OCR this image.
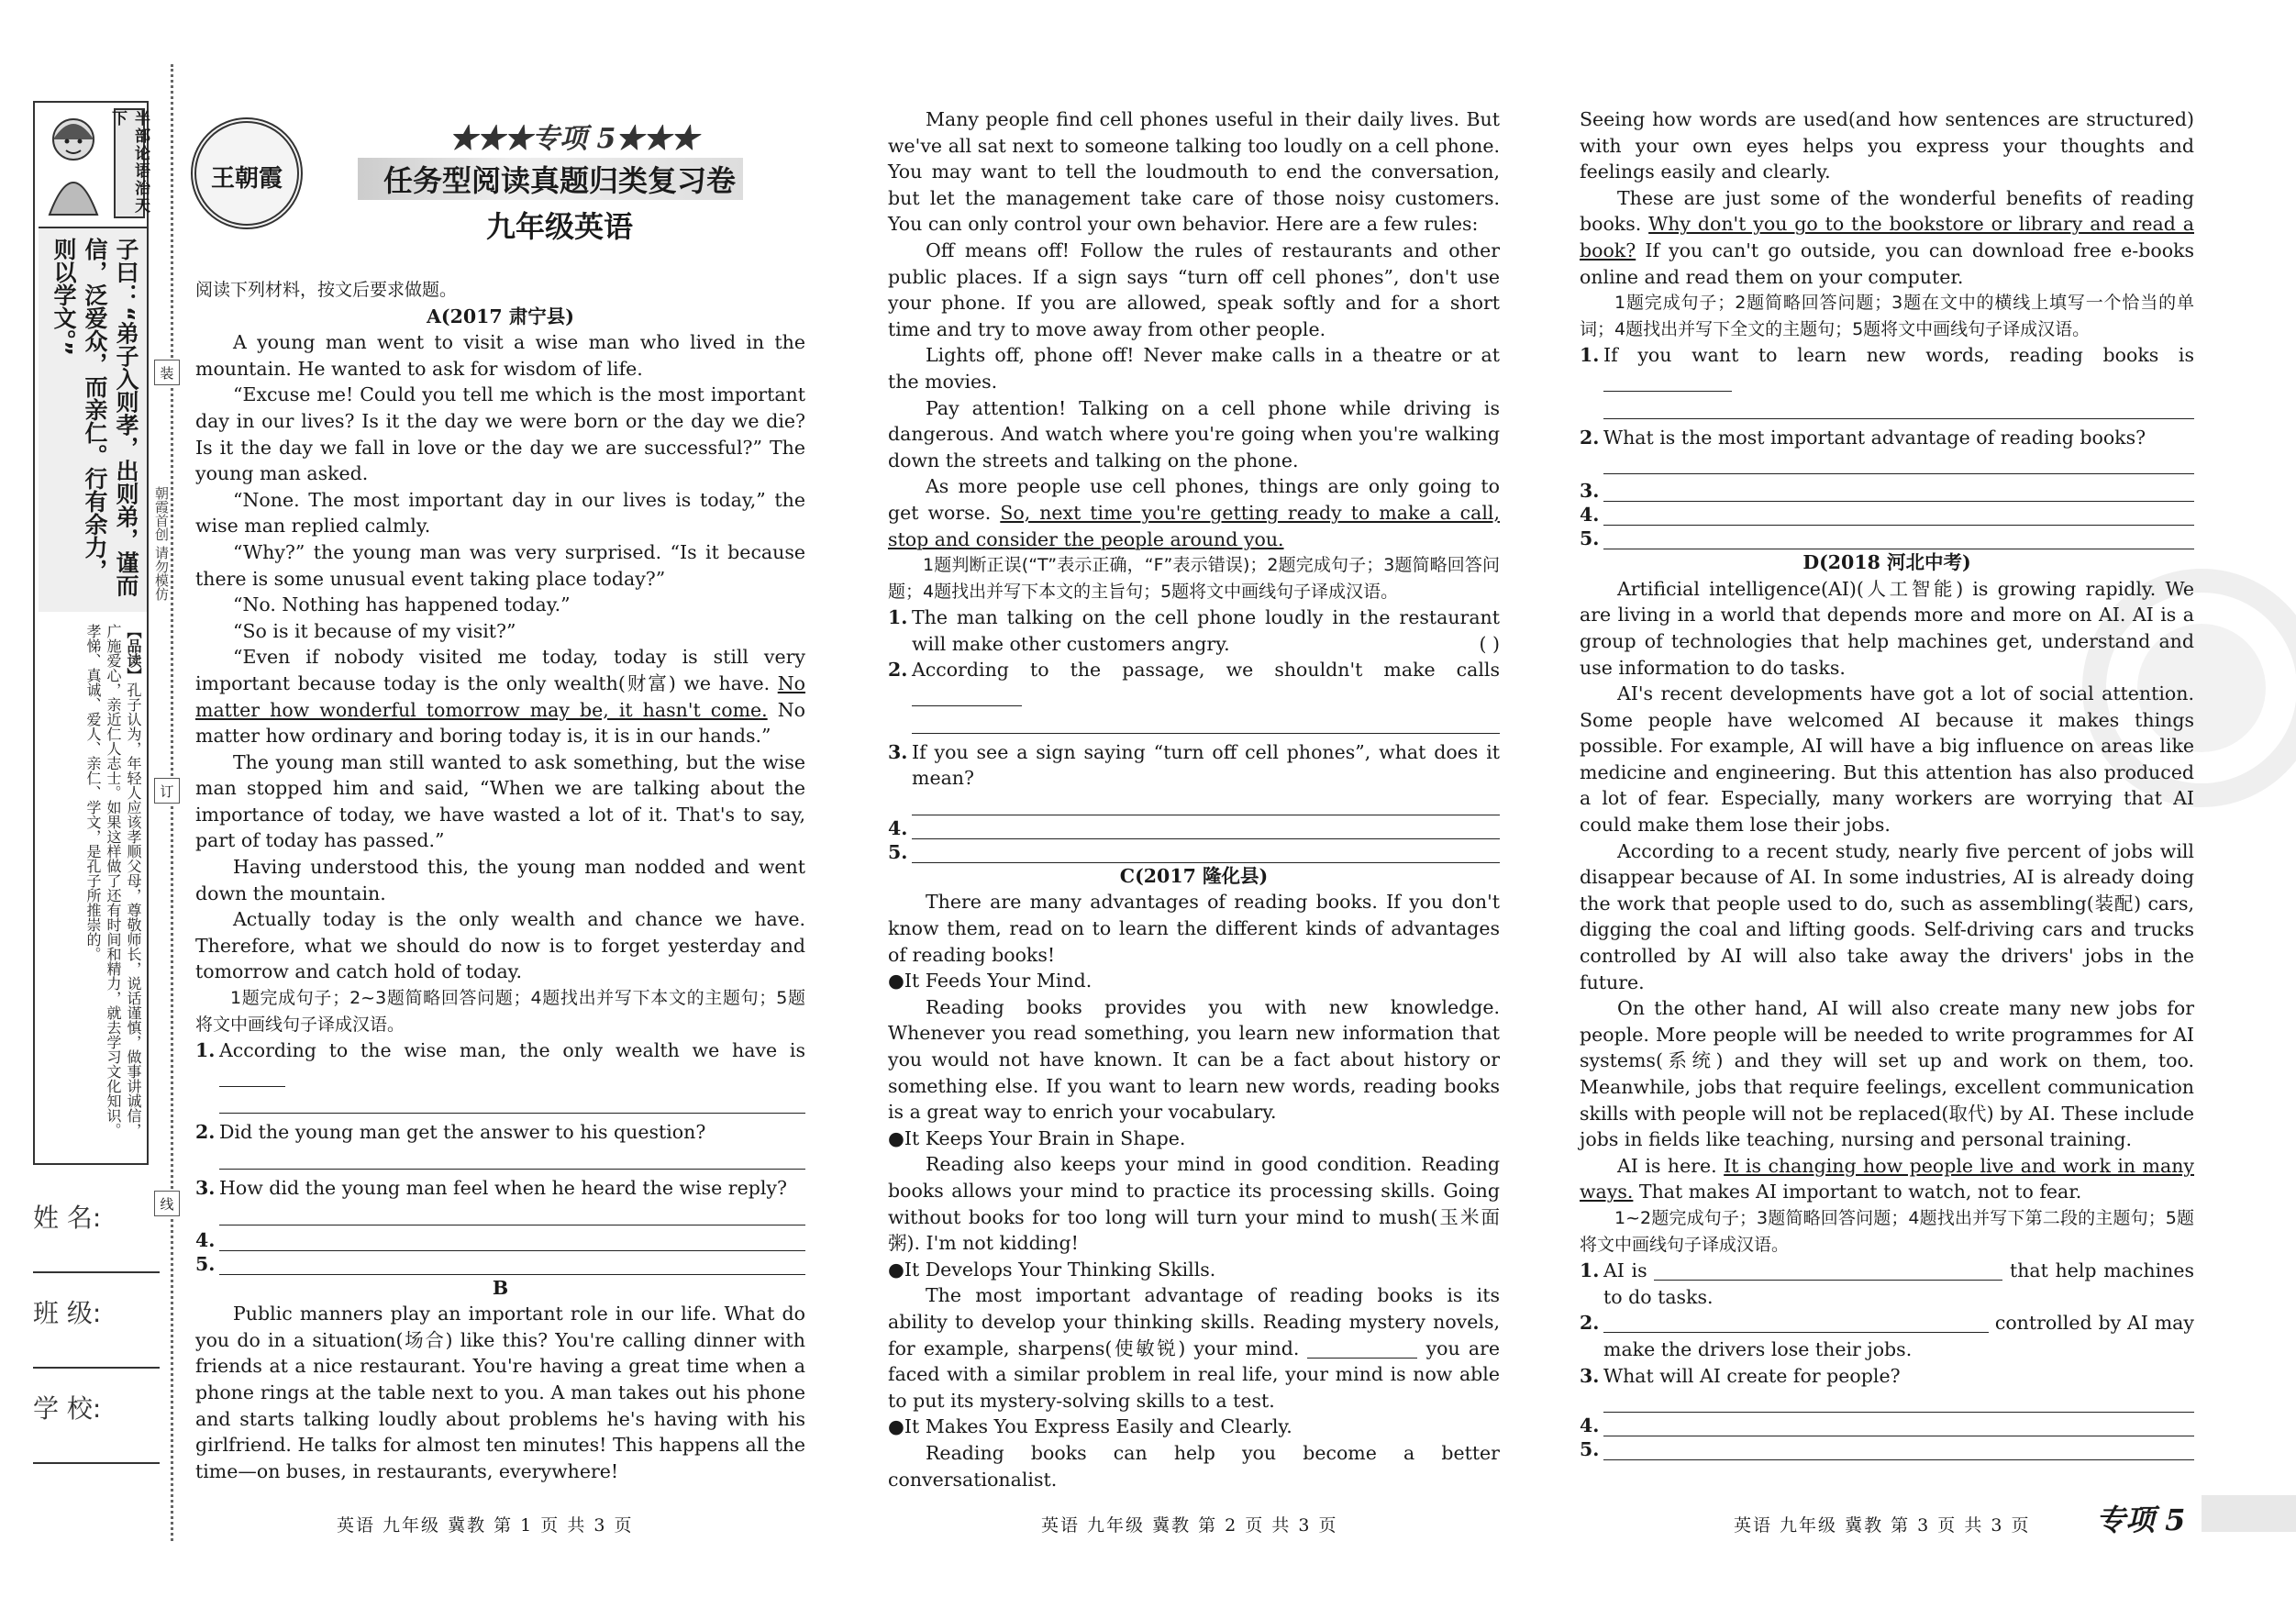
半部论语治天下
子曰：“弟子入则孝，出则弟，谨而信，泛爱众，而亲仁。行有余力，则以学文。”
【品读】孔子认为，年轻人应该孝顺父母，尊敬师长，说话谨慎，做事讲诚信，广施爱心，亲近仁人志士。如果这样做了还有时间和精力，就去学习文化知识。孝悌、真诚、爱人、亲仁、学文，是孔子所推崇的。
装
订
线
朝霞首创 请勿模仿
姓 名:
班 级:
学 校:
王朝霞
★★★专项 5★★★
任务型阅读真题归类复习卷
九年级英语

阅读下列材料，按文后要求做题。

A(2017 肃宁县)

A young man went to visit a wise man who lived in the mountain. He wanted to ask for wisdom of life.

“Excuse me! Could you tell me which is the most important day in our lives? Is it the day we were born or the day we die? Is it the day we fall in love or the day we are successful?” The young man asked.

“None. The most important day in our lives is today,” the wise man replied calmly.

“Why?” the young man was very surprised. “Is it because there is some unusual event taking place today?”

“No. Nothing has happened today.”

“So is it because of my visit?”

“Even if nobody visited me today, today is still very important because today is the only wealth(财富) we have. No matter how wonderful tomorrow may be, it hasn't come. No matter how ordinary and boring today is, it is in our hands.”

The young man still wanted to ask something, but the wise man stopped him and said, “When we are talking about the importance of today, we have wasted a lot of it. That's to say, part of today has passed.”

Having understood this, the young man nodded and went down the mountain.

Actually today is the only wealth and chance we have. Therefore, what we should do now is to forget yesterday and tomorrow and catch hold of today.

1题完成句子；2~3题简略回答问题；4题找出并写下本文的主题句；5题将文中画线句子译成汉语。

1. According to the wise man, the only wealth we have is
2. Did the young man get the answer to his question?
3. How did the young man feel when he heard the wise reply?
4.
5.

B

Public manners play an important role in our life. What do you do in a situation(场合) like this? You're calling dinner with friends at a nice restaurant. You're having a great time when a phone rings at the table next to you. A man takes out his phone and starts talking loudly about problems he's having with his girlfriend. He talks for almost ten minutes! This happens all the time—on buses, in restaurants, everywhere!

Many people find cell phones useful in their daily lives. But we've all sat next to someone talking too loudly on a cell phone. You may want to tell the loudmouth to end the conversation, but let the management take care of those noisy customers. You can only control your own behavior. Here are a few rules:

Off means off! Follow the rules of restaurants and other public places. If a sign says “turn off cell phones”, don't use your phone. If you are allowed, speak softly and for a short time and try to move away from other people.

Lights off, phone off! Never make calls in a theatre or at the movies.

Pay attention! Talking on a cell phone while driving is dangerous. And watch where you're going when you're walking down the streets and talking on the phone.

As more people use cell phones, things are only going to get worse. So, next time you're getting ready to make a call, stop and consider the people around you.

1题判断正误(“T”表示正确，“F”表示错误)；2题完成句子；3题简略回答问题；4题找出并写下本文的主旨句；5题将文中画线句子译成汉语。

1. The man talking on the cell phone loudly in the restaurant will make other customers angry.	( )
2. According to the passage, we shouldn't make calls
3. If you see a sign saying “turn off cell phones”, what does it mean?
4.
5.

C(2017 隆化县)

There are many advantages of reading books. If you don't know them, read on to learn the different kinds of advantages of reading books!

●It Feeds Your Mind.

Reading books provides you with new knowledge. Whenever you read something, you learn new information that you would not have known. It can be a fact about history or something else. If you want to learn new words, reading books is a great way to enrich your vocabulary.

●It Keeps Your Brain in Shape.

Reading also keeps your mind in good condition. Reading books allows your mind to practice its processing skills. Going without books for too long will turn your mind to mush(玉米面粥). I'm not kidding!

●It Develops Your Thinking Skills.

The most important advantage of reading books is its ability to develop your thinking skills. Reading mystery novels, for example, sharpens(使敏锐) your mind.	you are faced with a similar problem in real life, your mind is now able to put its mystery-solving skills to a test.

●It Makes You Express Easily and Clearly.

Reading books can help you become a better conversationalist.

Seeing how words are used(and how sentences are structured) with your own eyes helps you express your thoughts and feelings easily and clearly.

These are just some of the wonderful benefits of reading books. Why don't you go to the bookstore or library and read a book? If you can't go outside, you can download free e-books online and read them on your computer.

1题完成句子；2题简略回答问题；3题在文中的横线上填写一个恰当的单词；4题找出并写下全文的主题句；5题将文中画线句子译成汉语。

1. If you want to learn new words, reading books is
2. What is the most important advantage of reading books?
3.
4.
5.

D(2018 河北中考)

Artificial intelligence(AI)(人工智能) is growing rapidly. We are living in a world that depends more and more on AI. AI is a group of technologies that help machines get, understand and use information to do tasks.

AI's recent developments have got a lot of social attention. Some people have welcomed AI because it makes things possible. For example, AI will have a big influence on areas like medicine and engineering. But this attention has also produced a lot of fear. Especially, many workers are worrying that AI could make them lose their jobs.

According to a recent study, nearly five percent of jobs will disappear because of AI. In some industries, AI is already doing the work that people used to do, such as assembling(装配) cars, digging the coal and lifting goods. Self-driving cars and trucks controlled by AI will also take away the drivers' jobs in the future.

On the other hand, AI will also create many new jobs for people. More people will be needed to write programmes for AI systems(系统) and they will set up and work on them, too. Meanwhile, jobs that require feelings, excellent communication skills with people will not be replaced(取代) by AI. These include jobs in fields like teaching, nursing and personal training.

AI is here. It is changing how people live and work in many ways. That makes AI important to watch, not to fear.

1~2题完成句子；3题简略回答问题；4题找出并写下第二段的主题句；5题将文中画线句子译成汉语。

1. AI is	that help machines to do tasks.
2.	controlled by AI may make the drivers lose their jobs.
3. What will AI create for people?
4.
5.
英语 九年级 冀教 第 1 页 共 3 页	英语 九年级 冀教 第 2 页 共 3 页	英语 九年级 冀教 第 3 页 共 3 页 专项 5
